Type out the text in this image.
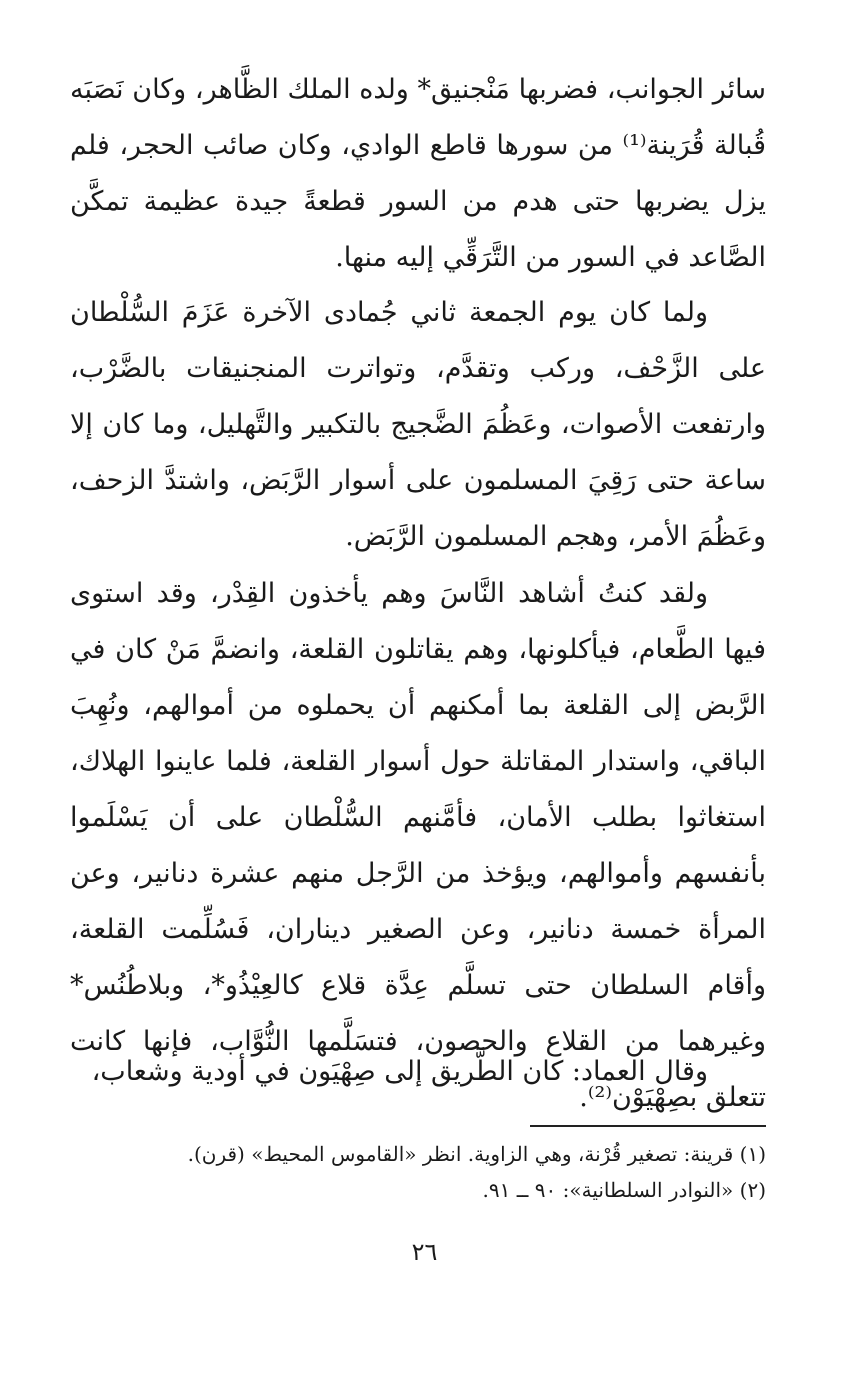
سائر الجوانب، فضربها مَنْجنيق* ولده الملك الظَّاهر، وكان نَصَبَه قُبالة قُرَينة⁽¹⁾ من سورها قاطع الوادي، وكان صائب الحجر، فلم يزل يضربها حتى هدم من السور قطعةً جيدة عظيمة تمكَّن الصَّاعد في السور من التَّرَقِّي إليه منها.

ولما كان يوم الجمعة ثاني جُمادى الآخرة عَزَمَ السُّلْطان على الزَّحْف، وركب وتقدَّم، وتواترت المنجنيقات بالضَّرْب، وارتفعت الأصوات، وعَظُمَ الضَّجيج بالتكبير والتَّهليل، وما كان إلا ساعة حتى رَقِيَ المسلمون على أسوار الرَّبَض، واشتدَّ الزحف، وعَظُمَ الأمر، وهجم المسلمون الرَّبَض.

ولقد كنتُ أشاهد النَّاسَ وهم يأخذون القِدْر، وقد استوى فيها الطَّعام، فيأكلونها، وهم يقاتلون القلعة، وانضمَّ مَنْ كان في الرَّبض إلى القلعة بما أمكنهم أن يحملوه من أموالهم، ونُهِبَ الباقي، واستدار المقاتلة حول أسوار القلعة، فلما عاينوا الهلاك، استغاثوا بطلب الأمان، فأمَّنهم السُّلْطان على أن يَسْلَموا بأنفسهم وأموالهم، ويؤخذ من الرَّجل منهم عشرة دنانير، وعن المرأة خمسة دنانير، وعن الصغير ديناران، فَسُلِّمت القلعة، وأقام السلطان حتى تسلَّم عِدَّة قلاع كالعِيْذُو*، وبلاطُنُس* وغيرهما من القلاع والحصون، فتسَلَّمها النُّوَّاب، فإنها كانت تتعلق بصِهْيَوْن⁽²⁾.

وقال العماد: كان الطَّريق إلى صِهْيَون في أودية وشعاب،

(١) قرينة: تصغير قُرْنة، وهي الزاوية. انظر «القاموس المحيط» (قرن).
(٢) «النوادر السلطانية»: ٩٠ ــ ٩١.
٢٦
